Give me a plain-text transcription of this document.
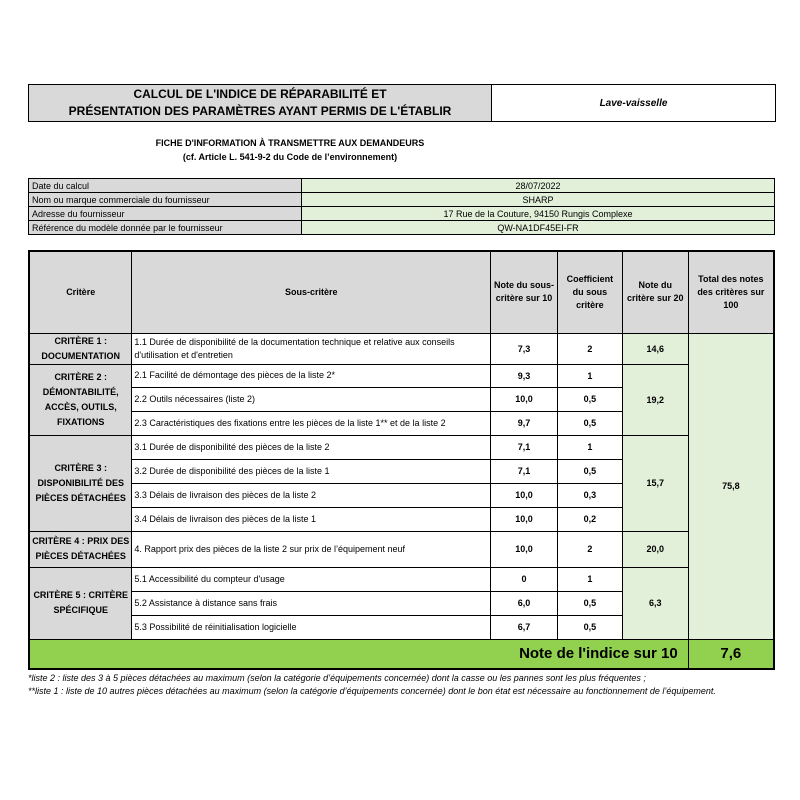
CALCUL DE L'INDICE DE RÉPARABILITÉ ET
PRÉSENTATION DES PARAMÈTRES AYANT PERMIS DE L'ÉTABLIR
Lave-vaisselle
FICHE D'INFORMATION À TRANSMETTRE AUX DEMANDEURS
(cf. Article L. 541-9-2 du Code de l’environnement)
Date du calcul	28/07/2022
Nom ou marque commerciale du fournisseur	SHARP
Adresse du fournisseur	17 Rue de la Couture, 94150 Rungis Complexe
Référence du modèle donnée par le fournisseur	QW-NA1DF45EI-FR
Critère	Sous-critère	Note du sous-critère sur 10	Coefficient du sous critère	Note du critère sur 20	Total des notes des critères sur 100
CRITÈRE 1 : DOCUMENTATION	1.1 Durée de disponibilité de la documentation technique et relative aux conseils d'utilisation et d'entretien	7,3	2	14,6	75,8
CRITÈRE 2 : DÉMONTABILITÉ, ACCÈS, OUTILS, FIXATIONS	2.1 Facilité de démontage des pièces de la liste 2*	9,3	1	19,2	
	2.2 Outils nécessaires (liste 2)	10,0	0,5		
	2.3 Caractéristiques des fixations entre les pièces de la liste 1** et de la liste 2	9,7	0,5		
CRITÈRE 3 : DISPONIBILITÉ DES PIÈCES DÉTACHÉES	3.1 Durée de disponibilité des pièces de la liste 2	7,1	1	15,7	
	3.2 Durée de disponibilité des pièces de la liste 1	7,1	0,5		
	3.3 Délais de livraison des pièces de la liste 2	10,0	0,3		
	3.4 Délais de livraison des pièces de la liste 1	10,0	0,2		
CRITÈRE 4 : PRIX DES PIÈCES DÉTACHÉES	4. Rapport prix des pièces de la liste 2 sur prix de l’équipement neuf	10,0	2	20,0	
CRITÈRE 5 : CRITÈRE SPÉCIFIQUE	5.1 Accessibilité du compteur d'usage	0	1	6,3	
	5.2 Assistance à distance sans frais	6,0	0,5		
	5.3 Possibilité de réinitialisation logicielle	6,7	0,5		
Note de l'indice sur 10					7,6
*liste 2 : liste des 3 à 5 pièces détachées au maximum (selon la catégorie d’équipements concernée) dont la casse ou les pannes sont les plus fréquentes ;
**liste 1 : liste de 10 autres pièces détachées au maximum (selon la catégorie d’équipements concernée) dont le bon état est nécessaire au fonctionnement de l’équipement.
